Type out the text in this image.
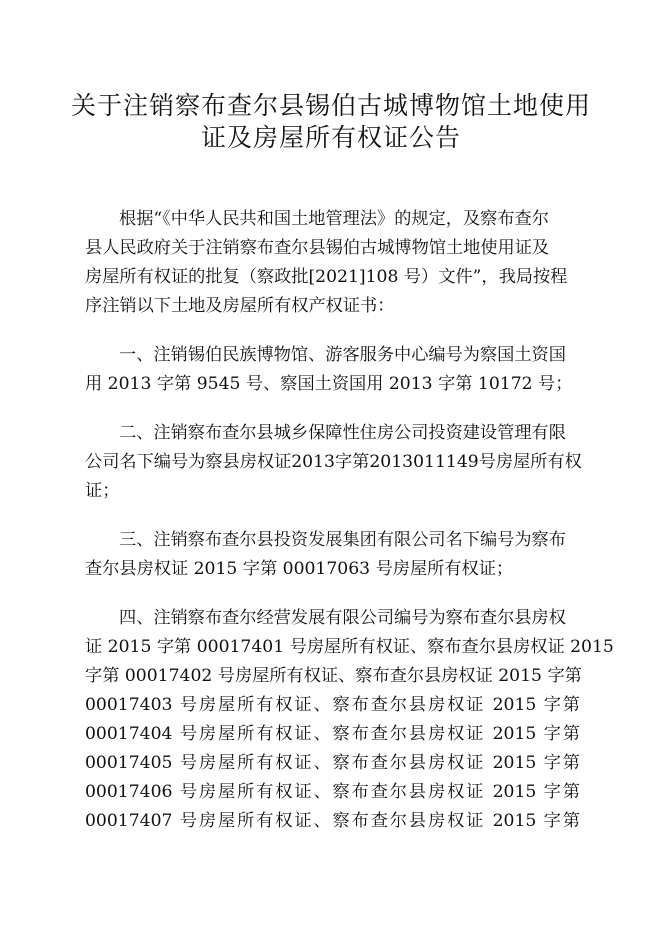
关于注销察布查尔县锡伯古城博物馆土地使用
证及房屋所有权证公告
根据“《中华人民共和国土地管理法》的规定，及察布查尔
县人民政府关于注销察布查尔县锡伯古城博物馆土地使用证及
房屋所有权证的批复（察政批[2021]108 号）文件”，我局按程
序注销以下土地及房屋所有权产权证书：
一、注销锡伯民族博物馆、游客服务中心编号为察国土资国
用 2013 字第 9545 号、察国土资国用 2013 字第 10172 号；
二、注销察布查尔县城乡保障性住房公司投资建设管理有限
公司名下编号为察县房权证2013字第2013011149号房屋所有权
证；
三、注销察布查尔县投资发展集团有限公司名下编号为察布
查尔县房权证 2015 字第 00017063 号房屋所有权证；
四、注销察布查尔经营发展有限公司编号为察布查尔县房权
证 2015 字第 00017401 号房屋所有权证、察布查尔县房权证 2015
字第 00017402 号房屋所有权证、察布查尔县房权证 2015 字第
00017403 号房屋所有权证、察布查尔县房权证 2015 字第
00017404 号房屋所有权证、察布查尔县房权证 2015 字第
00017405 号房屋所有权证、察布查尔县房权证 2015 字第
00017406 号房屋所有权证、察布查尔县房权证 2015 字第
00017407 号房屋所有权证、察布查尔县房权证 2015 字第
